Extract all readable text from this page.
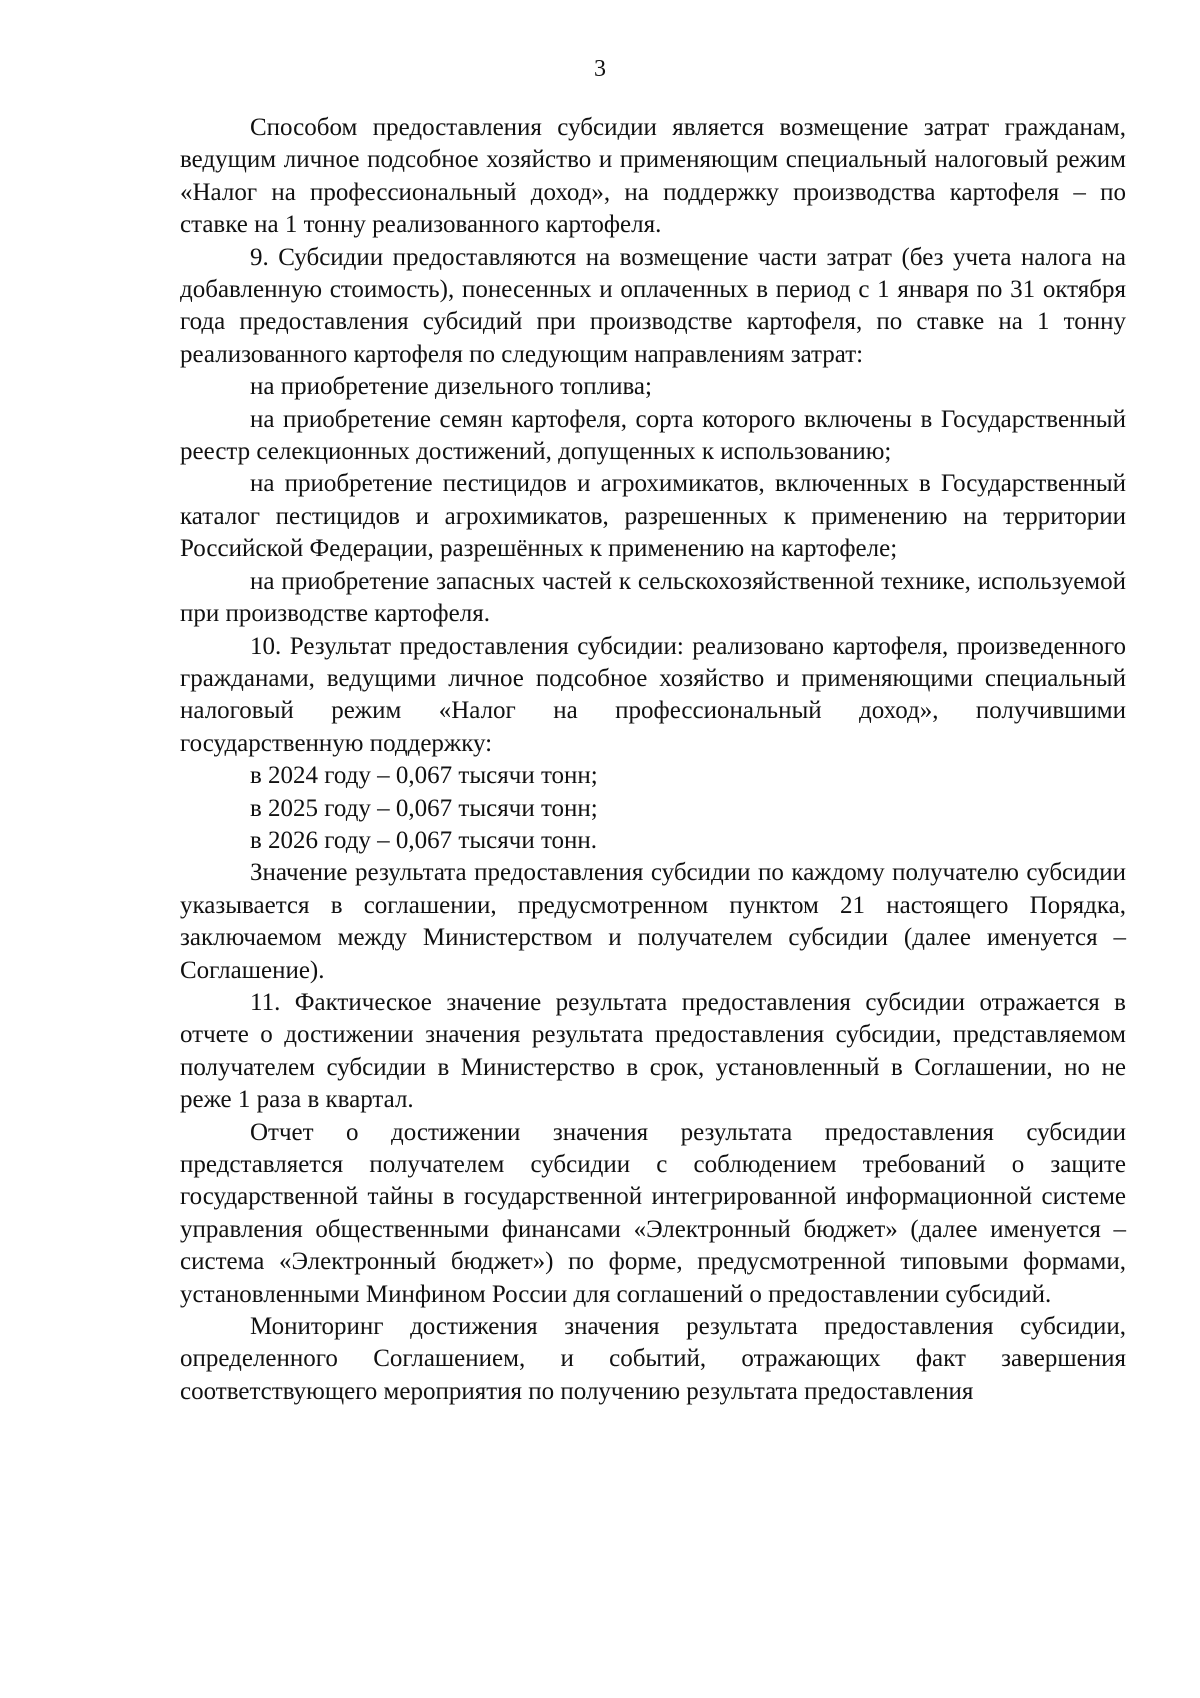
3

Способом предоставления субсидии является возмещение затрат гражданам, ведущим личное подсобное хозяйство и применяющим специальный налоговый режим «Налог на профессиональный доход», на поддержку производства картофеля – по ставке на 1 тонну реализованного картофеля.

9. Субсидии предоставляются на возмещение части затрат (без учета налога на добавленную стоимость), понесенных и оплаченных в период с 1 января по 31 октября года предоставления субсидий при производстве картофеля, по ставке на 1 тонну реализованного картофеля по следующим направлениям затрат:

на приобретение дизельного топлива;

на приобретение семян картофеля, сорта которого включены в Государственный реестр селекционных достижений, допущенных к использованию;

на приобретение пестицидов и агрохимикатов, включенных в Государственный каталог пестицидов и агрохимикатов, разрешенных к применению на территории Российской Федерации, разрешённых к применению на картофеле;

на приобретение запасных частей к сельскохозяйственной технике, используемой при производстве картофеля.

10. Результат предоставления субсидии: реализовано картофеля, произведенного гражданами, ведущими личное подсобное хозяйство и применяющими специальный налоговый режим «Налог на профессиональный доход», получившими государственную поддержку:

в 2024 году – 0,067 тысячи тонн;

в 2025 году – 0,067 тысячи тонн;

в 2026 году – 0,067 тысячи тонн.

Значение результата предоставления субсидии по каждому получателю субсидии указывается в соглашении, предусмотренном пунктом 21 настоящего Порядка, заключаемом между Министерством и получателем субсидии (далее именуется – Соглашение).

11. Фактическое значение результата предоставления субсидии отражается в отчете о достижении значения результата предоставления субсидии, представляемом получателем субсидии в Министерство в срок, установленный в Соглашении, но не реже 1 раза в квартал.

Отчет о достижении значения результата предоставления субсидии представляется получателем субсидии с соблюдением требований о защите государственной тайны в государственной интегрированной информационной системе управления общественными финансами «Электронный бюджет» (далее именуется – система «Электронный бюджет») по форме, предусмотренной типовыми формами, установленными Минфином России для соглашений о предоставлении субсидий.

Мониторинг достижения значения результата предоставления субсидии, определенного Соглашением, и событий, отражающих факт завершения соответствующего мероприятия по получению результата предоставления
